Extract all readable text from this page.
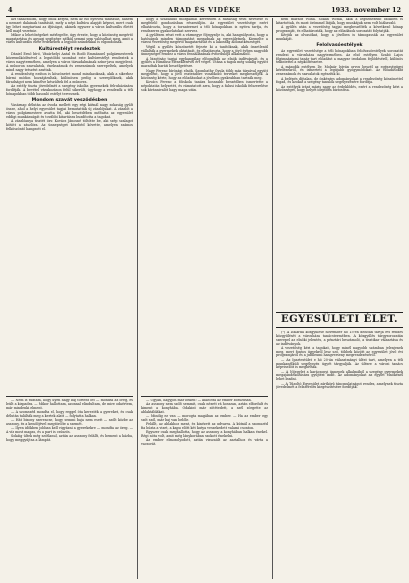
4	ARAD ÉS VIDÉKE	1933. november 12

azt tanácsolom, hogy önök kérjék, nem az élő nyelvek tanítását, hanem a nemzet dalainak tanítását, mely a népi kultúra alapját képezi, mert csak így lehet megtartani az ifjúságot, akinek egyszer a város kulturális életét kell majd vezetnie.

Mikor a lehetőségeket mérlegelte, úgy érezte, hogy a közönség megértő magatartása és anyagi segítsége nélkül semmi sem valósulhat meg, amit a város kulturális élete érdekében a legjobb szándékkal is elgondolnak.

Kultúrestélyt rendeztek

Dániel Ernő bíró, Vásárhelyi Antal és Bodó Emmánuel polgármesterek közreműködésével a legutóbbi szombat este kultúrestélyt rendeztek a város nagytermében, amelyen a város társadalmának színe-java megjelent. A műsoron szavalatok, énekszámok és zeneszámok szerepeltek, amelyek mind nagy tetszést arattak.

A rendezőség ezúton is köszönetet mond mindazoknak, akik a sikerhez bármi módon hozzájárultak, különösen pedig a szereplőknek, akik fáradságot nem kímélve készültek fel a műsorra.

Az estély tiszta jövedelmét a szegény iskolás gyermekek felruházására fordítják. A bevétel várakozáson felül sikerült, úgyhogy a rendezők a téli hónapokban több hasonló estélyt terveznek.

Mondom szavát vesződésben

Vasárnap délután az óvoda mellett egy régi kútnál nagy sokaság gyűlt össze, ahol a helyi egyesület tagjai bemutatták új zászlójukat. A zászlót a város polgármestere avatta fel, aki beszédében méltatta az egyesület eddigi munkásságát és további kitartásra buzdította a tagokat.

A zászlóanya tisztét özv. Kovács Jánosné töltötte be, aki szép szalagot kötött a zászlóra. Az ünnepséget közebéd követte, amelyen számos felköszöntő hangzott el.

— Nem is tudtam, hogy ilyen nagy baj történt ott — mondta az öreg, és leült a kispadra. — Mikor hallottam, azonnal elindultam, de mire odaértem, már mindenki elment.

— A szomszéd mondta el, hogy reggel óta keresték a gyereket, és csak délután találták meg a kertek alatt — folytatta halkan.

— Hát bizony szerencse, hogy semmi baja nem esett — szólt közbe az asszony, és a kendőjével megtörölte a szemét.

— Ilyen időkben jobban kell vigyázni a gyerekekre — mondta az öreg. — A víz most magas, és a part is csúszós.

Sokáig ültek még szótlanul, aztán az asszony felállt, és bement a házba, hogy meggyújtsa a lámpát.

hogy a szabadidő mozgalmai keretében a fiatalság testi nevelése is megfelelő gondozásban részesüljön. Az egyesület vezetősége ezért elhatározta, hogy a tornatermet a téli hónapokban is nyitva tartja, és rendszeres gyakorlatokat szervez.

A gyűlésen részt vett a vármegye főjegyzője is, aki hangsúlyozta, hogy a hatóságok minden támogatást megadnak az egyesületnek. Kiemelte a városi vezetőség megértő magatartását és a lakosság áldozatkészségét.

Végül a gyűlés köszönetét fejezte ki a tanítóknak, akik önzetlenül vállalták a gyermekek oktatását, és elhatározta, hogy a jövő évben nagyobb ünnepséget rendez a város fennállásának évfordulója alkalmából.

A bizottság tagjai egyhangúlag elfogadták az elnök indítványát, és a gyűlés a Himnusz eléneklésével ért véget. Utána a tagok még sokáig együtt maradtak baráti beszélgetésre.

Nagy Ferenc bírósági elnök, Szombathy Gyula több más társával együtt megjelent, hogy a jövő esztendőre vonatkozó terveket megbeszéljék. A közönség kérte, hogy az előadásokat a jövőben gyakrabban tartsák meg.

Kovács Ferenc a főiskola tanára hosszabb beszédben ismertette a népoktatás helyzetét, és rámutatott arra, hogy a falusi iskolák felszerelése sok kívánnivalót hagy maga után.

— Ugyan, hagyjon már békén! — kiáltotta az ember bosszúsan.

Az asszony nem szólt semmit, csak nézett rá hosszan, aztán elfordult és kiment a konyhába. Odakint már sötétedett, a szél zörgette az ablaktáblákat.

— Mindig ez van — morogta magában az ember. — Ha az ember egy szót szól, már baj van belőle.

Felállt, az ablakhoz ment, és kinézett az udvarra. A kútnál a szomszéd fia húzta a vizet, a kapu előtt két kutya veszekedett valami csonton.

Egyszer csak meghallotta, hogy az asszony a konyhában halkan énekel. Régi nóta volt, amit még lánykorában szokott énekelni.

Az ember elmosolyodott, aztán visszaült az asztalhoz és várta a vacsorát.

nem maradt volna. Sokan voltak, akik a legnehezebb időkben is kitartottak, és most örömmel látják, hogy munkájuk nem volt hiábavaló.

A gyűlés után a vezetőség tagjai megbeszélték a következő hónap programját, és elhatározták, hogy az előadások sorozatát folytatják.

Kérjük az olvasókat, hogy a jövőben is támogassák az egyesület munkáját.

Felolvasóestélyek

Az egyesület vezetősége a téli hónapokban felolvasóestélyek sorozatát rendezi a városháza nagytermében. Az első estélyen Szabó Lajos főgimnáziumi tanár tart előadást a magyar irodalom fejlődéséről, különös tekintettel a népköltészetre.

A második estélyen Dr. Molnár István orvos beszél az egészségügyi kérdésekről, és ismerteti a legújabb gyógymódokat. Az előadásokat zeneszámok és szavalatok egészítik ki.

A belépés díjtalan, de önkéntes adományokat a rendezőség köszönettel fogad, és azokat a szegény tanulók segélyezésére fordítja.

Az estélyek iránt máris nagy az érdeklődés, ezért a rendezőség kéri a közönséget, hogy helyét idejében biztosítsa.

EGYESÜLETI ÉLET.

(*) A Dalárda közgyűlése november hó 15-én délután tartja évi rendes közgyűlését a városháza tanácstermében. A közgyűlés tárgysorozatán szerepel az elnöki jelentés, a pénztári beszámoló, a tisztikar választása és az indítványok.

A vezetőség kéri a tagokat, hogy minél nagyobb számban jelenjenek meg, mert fontos ügyekről lesz szó, többek között az egyesület jövő évi programjáról és a jubileumi hangverseny megrendezéséről.

— Az Ipartestület e hó 20-án választmányi ülést tart, amelyen a téli munkanélküli segélyezés ügyét tárgyalják. Az ülésre a városi tanács képviselőit is meghívták.

— A Nőegylet a karácsonyi ünnepek alkalmából a szegény gyermekek megajándékozására gyűjtést indít. Az adományokat az egylet elnökénél lehet leadni.

— A Tűzoltó Egyesület zártkörű táncmulatságot rendez, amelynek tiszta jövedelmét a felszerelés kiegészítésére fordítják.
